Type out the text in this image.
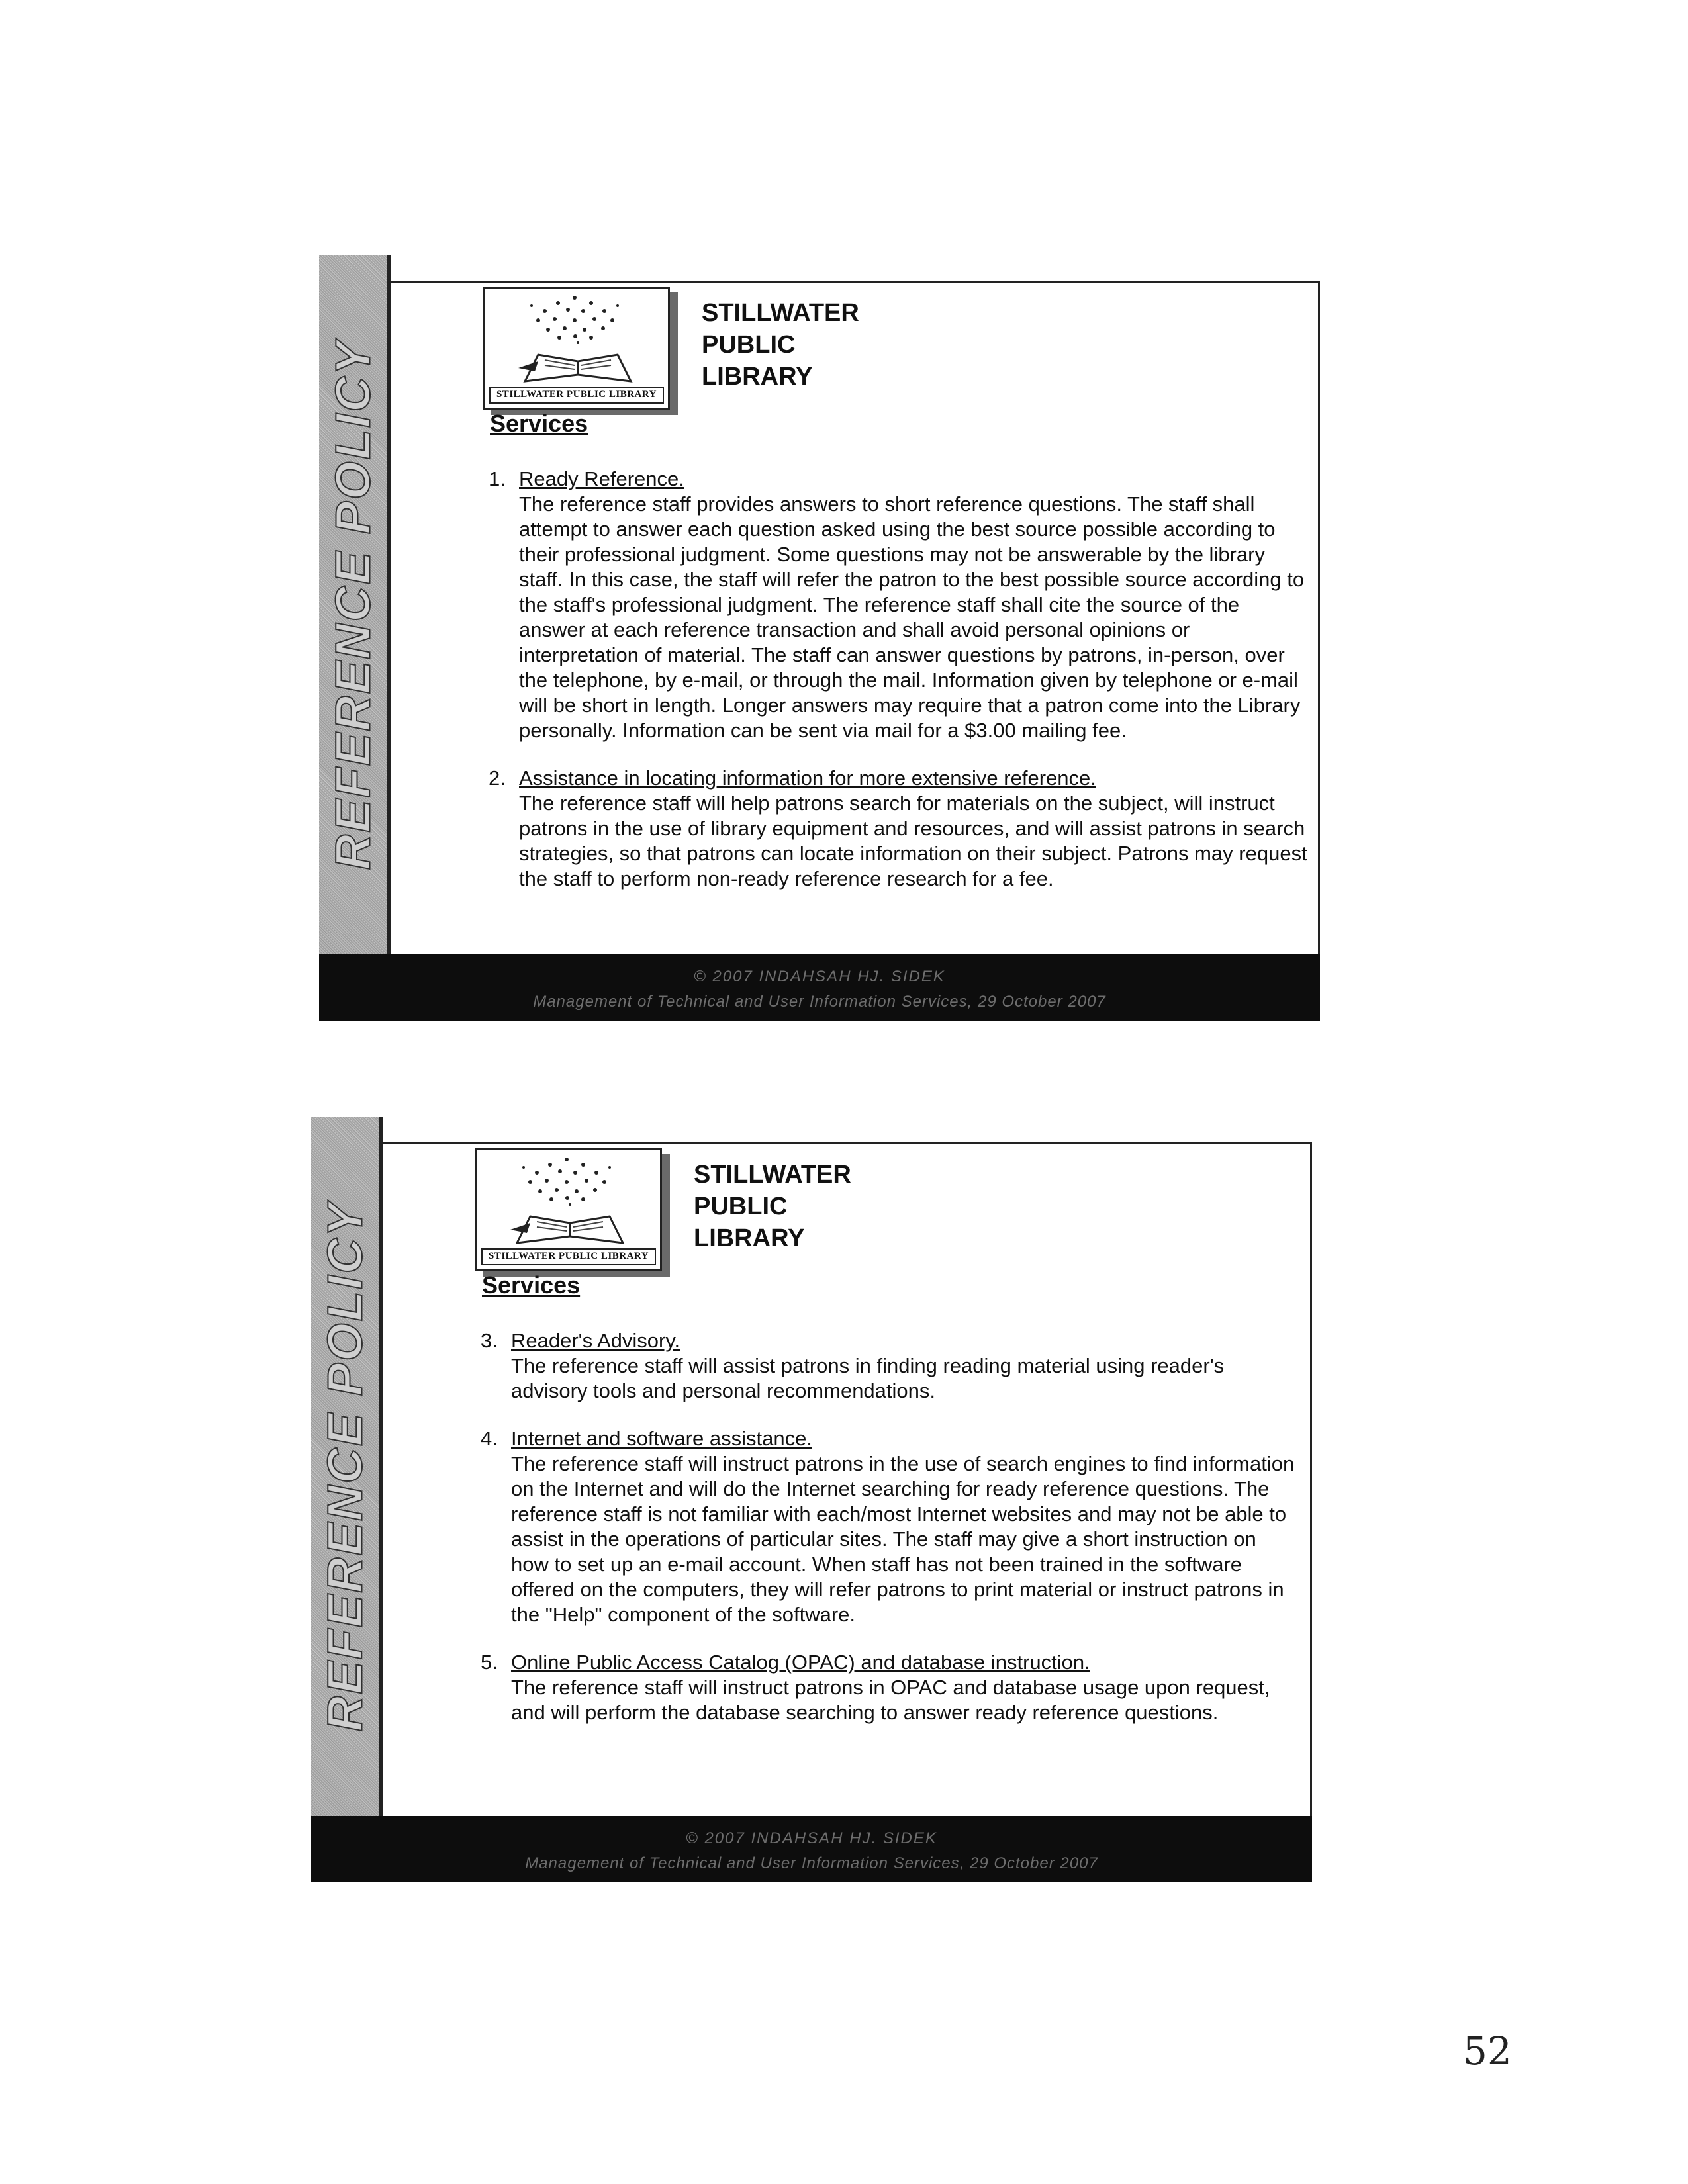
REFERENCE POLICY	STILLWATER PUBLIC LIBRARY
STILLWATER
PUBLIC
LIBRARY
Services
1. Ready Reference.
The reference staff provides answers to short reference questions. The staff shall attempt to answer each question asked using the best source possible according to their professional judgment. Some questions may not be answerable by the library staff. In this case, the staff will refer the patron to the best possible source according to the staff's professional judgment. The reference staff shall cite the source of the answer at each reference transaction and shall avoid personal opinions or interpretation of material. The staff can answer questions by patrons, in-person, over the telephone, by e-mail, or through the mail. Information given by telephone or e-mail will be short in length. Longer answers may require that a patron come into the Library personally. Information can be sent via mail for a $3.00 mailing fee.
2. Assistance in locating information for more extensive reference.
The reference staff will help patrons search for materials on the subject, will instruct patrons in the use of library equipment and resources, and will assist patrons in search strategies, so that patrons can locate information on their subject. Patrons may request the staff to perform non-ready reference research for a fee.
© 2007 INDAHSAH HJ. SIDEK
Management of Technical and User Information Services, 29 October 2007
REFERENCE POLICY	STILLWATER PUBLIC LIBRARY
STILLWATER
PUBLIC
LIBRARY
Services
3. Reader's Advisory.
The reference staff will assist patrons in finding reading material using reader's advisory tools and personal recommendations.
4. Internet and software assistance.
The reference staff will instruct patrons in the use of search engines to find information on the Internet and will do the Internet searching for ready reference questions. The reference staff is not familiar with each/most Internet websites and may not be able to assist in the operations of particular sites. The staff may give a short instruction on how to set up an e-mail account. When staff has not been trained in the software offered on the computers, they will refer patrons to print material or instruct patrons in the "Help" component of the software.
5. Online Public Access Catalog (OPAC) and database instruction.
The reference staff will instruct patrons in OPAC and database usage upon request, and will perform the database searching to answer ready reference questions.
© 2007 INDAHSAH HJ. SIDEK
Management of Technical and User Information Services, 29 October 2007
52
